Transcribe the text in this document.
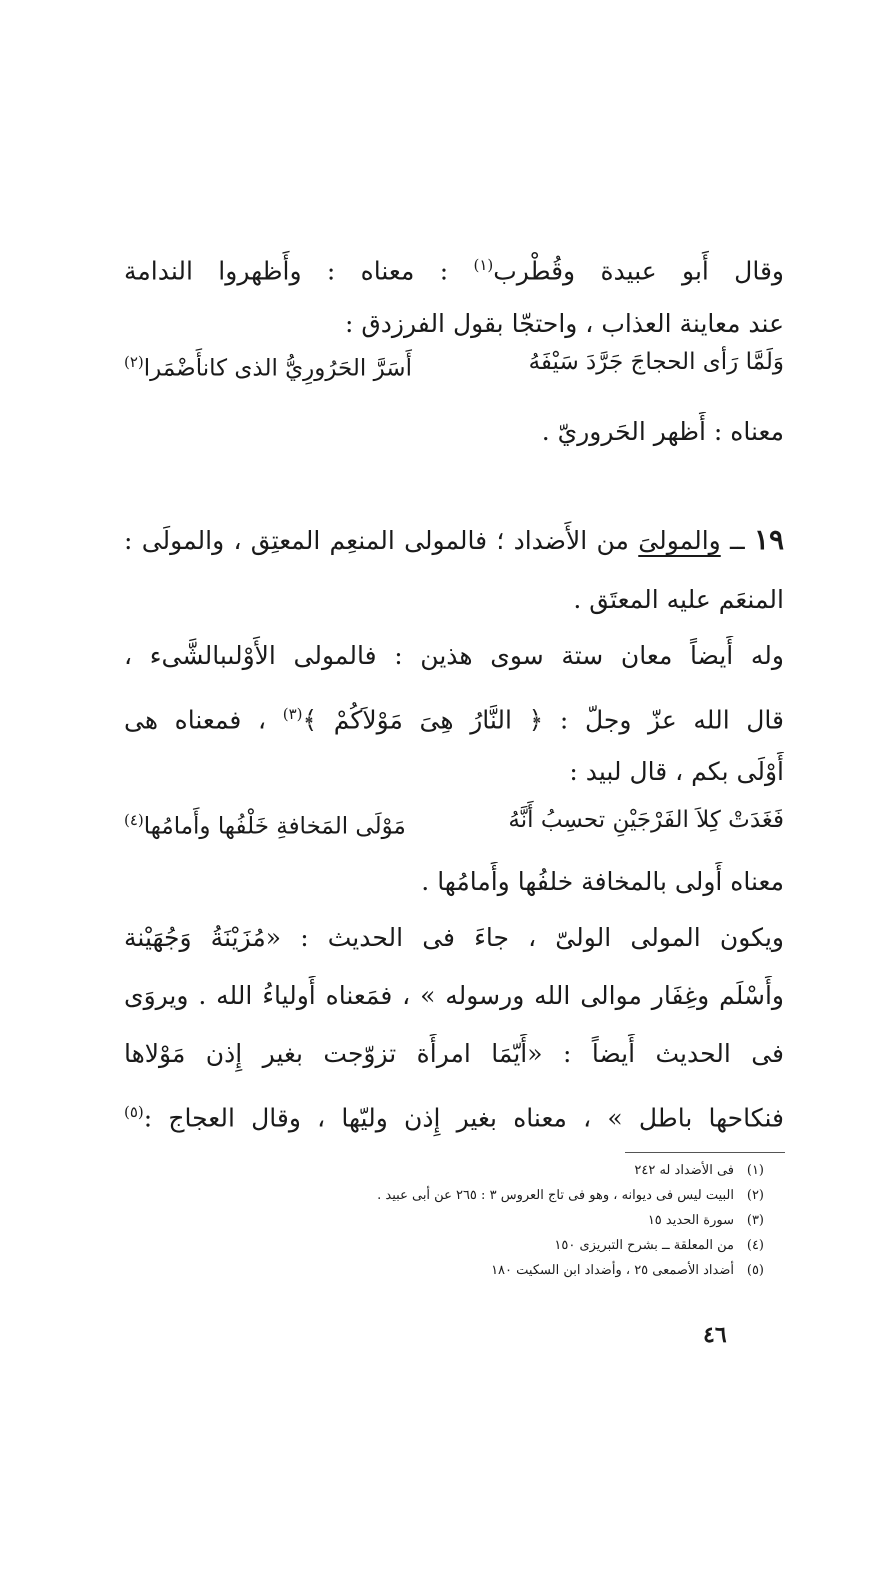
وقال أَبو عبيدة وقُطْرب$^{(١)}$ : معناه : وأَظهروا الندامة
عند معاينة العذاب ، واحتجّا بقول الفرزدق :
وَلَمَّا رَأى الحجاجَ جَرَّدَ سَيْفَهُ
أَسَرَّ الحَرُورِيُّ الذى كانأَضْمَرا$^{(٢)}$
معناه : أَظهر الحَروريّ .
١٩ ــ والمولىَ من الأَضداد ؛ فالمولى المنعِم المعتِق ، والمولَى :
المنعَم عليه المعتَق .
وله أَيضاً معان ستة سوى هذين : فالمولى الأَوْلىبالشَّىء ،
قال الله عزّ وجلّ : ﴿ النَّارُ هِىَ مَوْلاَكُمْ ﴾$^{(٣)}$ ، فمعناه هى
أَوْلَى بكم ، قال لبيد :
فَغَدَتْ كِلاَ الفَرْجَيْنِ تحسِبُ أَنَّهُ
مَوْلَى المَخافةِ خَلْفُها وأَمامُها$^{(٤)}$
معناه أَولى بالمخافة خلفُها وأَمامُها .
ويكون المولى الولىّ ، جاءَ فى الحديث : «مُزَيْنَةُ وَجُهَيْنة
وأَسْلَم وغِفَار موالى الله ورسوله » ، فمَعناه أَولياءُ الله . ويروَى
فى الحديث أَيضاً : «أَيّمَا امرأَة تزوّجت بغير إِذن مَوْلاها
فنكاحها باطل » ، معناه بغير إِذن وليّها ، وقال العجاج :$^{(٥)}$
(١)فى الأضداد له ٢٤٢
(٢)البيت ليس فى ديوانه ، وهو فى تاج العروس ٣ : ٢٦٥ عن أبى عبيد .
(٣)سورة الحديد ١٥
(٤)من المعلقة ــ بشرح التبريزى ١٥٠
(٥)أضداد الأصمعى ٢٥ ، وأضداد ابن السكيت ١٨٠
٤٦
